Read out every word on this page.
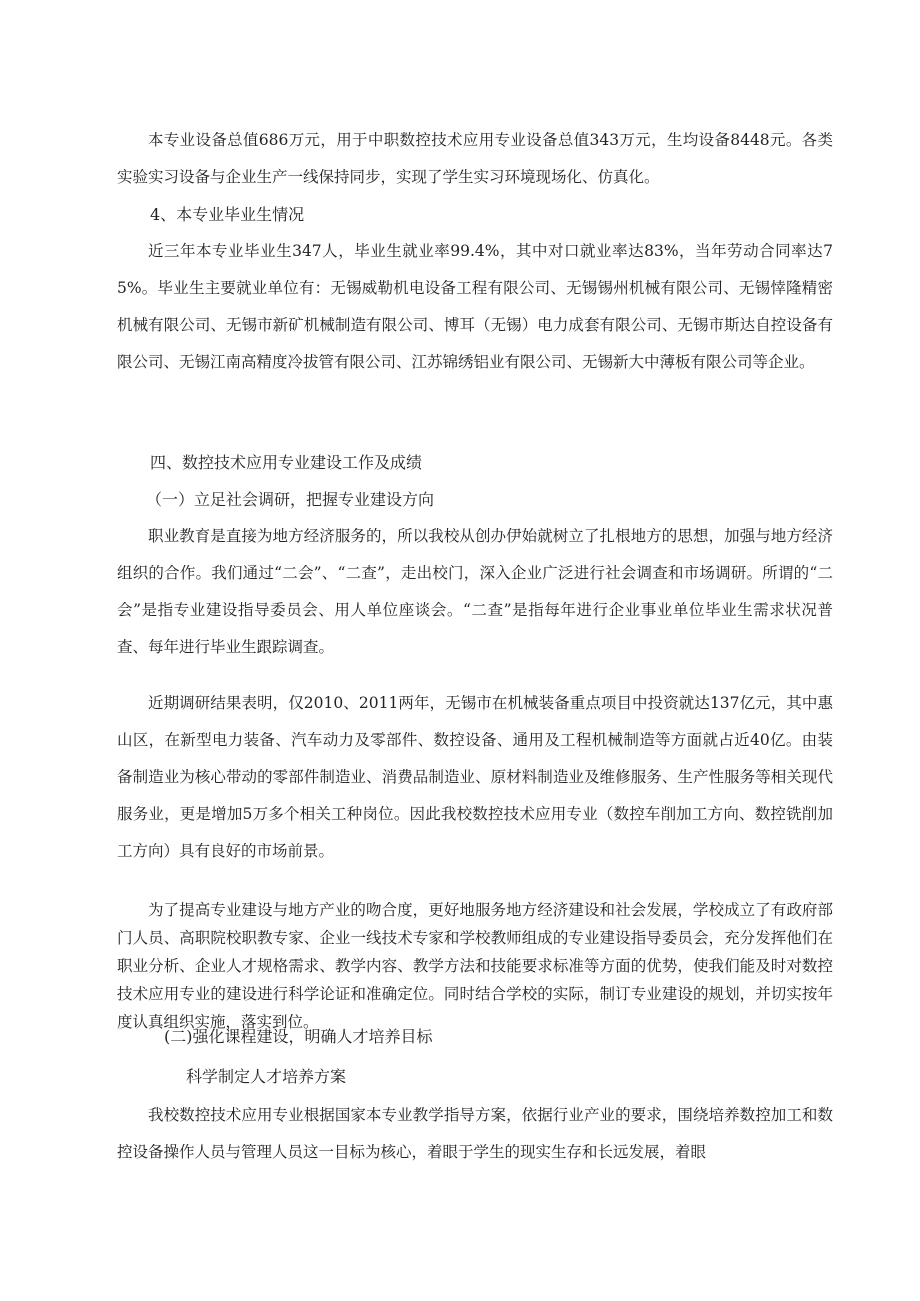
本专业设备总值686万元，用于中职数控技术应用专业设备总值343万元，生均设备8448元。各类实验实习设备与企业生产一线保持同步，实现了学生实习环境现场化、仿真化。

4、本专业毕业生情况

近三年本专业毕业生347人，毕业生就业率99.4%，其中对口就业率达83%，当年劳动合同率达75%。毕业生主要就业单位有：无锡威勒机电设备工程有限公司、无锡锡州机械有限公司、无锡悻隆精密机械有限公司、无锡市新矿机械制造有限公司、博耳（无锡）电力成套有限公司、无锡市斯达自控设备有限公司、无锡江南高精度冷拔管有限公司、江苏锦绣铝业有限公司、无锡新大中薄板有限公司等企业。

四、数控技术应用专业建设工作及成绩
（一）立足社会调研，把握专业建设方向

职业教育是直接为地方经济服务的，所以我校从创办伊始就树立了扎根地方的思想，加强与地方经济组织的合作。我们通过“二会”、“二查”，走出校门，深入企业广泛进行社会调查和市场调研。所谓的“二会”是指专业建设指导委员会、用人单位座谈会。“二查”是指每年进行企业事业单位毕业生需求状况普查、每年进行毕业生跟踪调查。

近期调研结果表明，仅2010、2011两年，无锡市在机械装备重点项目中投资就达137亿元，其中惠山区，在新型电力装备、汽车动力及零部件、数控设备、通用及工程机械制造等方面就占近40亿。由装备制造业为核心带动的零部件制造业、消费品制造业、原材料制造业及维修服务、生产性服务等相关现代服务业，更是增加5万多个相关工种岗位。因此我校数控技术应用专业（数控车削加工方向、数控铣削加工方向）具有良好的市场前景。

为了提高专业建设与地方产业的吻合度，更好地服务地方经济建设和社会发展，学校成立了有政府部门人员、高职院校职教专家、企业一线技术专家和学校教师组成的专业建设指导委员会，充分发挥他们在职业分析、企业人才规格需求、教学内容、教学方法和技能要求标准等方面的优势，使我们能及时对数控技术应用专业的建设进行科学论证和准确定位。同时结合学校的实际，制订专业建设的规划，并切实按年度认真组织实施，落实到位。

(二)强化课程建设，明确人才培养目标
科学制定人才培养方案

我校数控技术应用专业根据国家本专业教学指导方案，依据行业产业的要求，围绕培养数控加工和数控设备操作人员与管理人员这一目标为核心，着眼于学生的现实生存和长远发展，着眼
